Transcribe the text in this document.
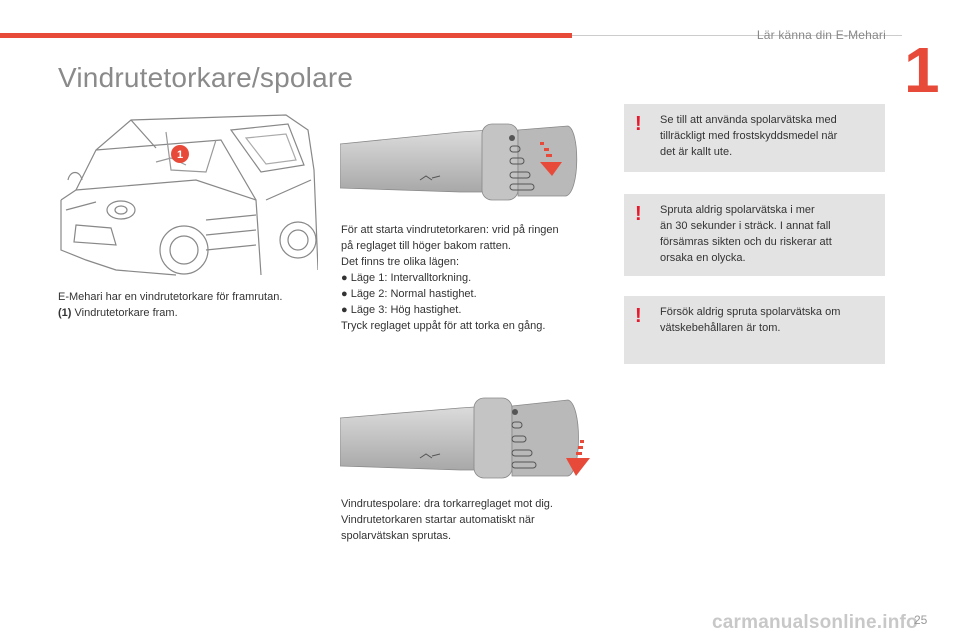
Lär känna din E-Mehari 1
Vindrutetorkare/spolare
1
E-Mehari har en vindrutetorkare för framrutan.
(1) Vindrutetorkare fram.
För att starta vindrutetorkaren: vrid på ringen
på reglaget till höger bakom ratten.
Det finns tre olika lägen:
● Läge 1: Intervalltorkning.
● Läge 2: Normal hastighet.
● Läge 3: Hög hastighet.
Tryck reglaget uppåt för att torka en gång.
Vindrutespolare: dra torkarreglaget mot dig.
Vindrutetorkaren startar automatiskt när
spolarvätskan sprutas.
! Se till att använda spolarvätska med
tillräckligt med frostskyddsmedel när
det är kallt ute.
! Spruta aldrig spolarvätska i mer
än 30 sekunder i sträck. I annat fall
försämras sikten och du riskerar att
orsaka en olycka.
! Försök aldrig spruta spolarvätska om
vätskebehållaren är tom.
carmanualsonline.info
25
